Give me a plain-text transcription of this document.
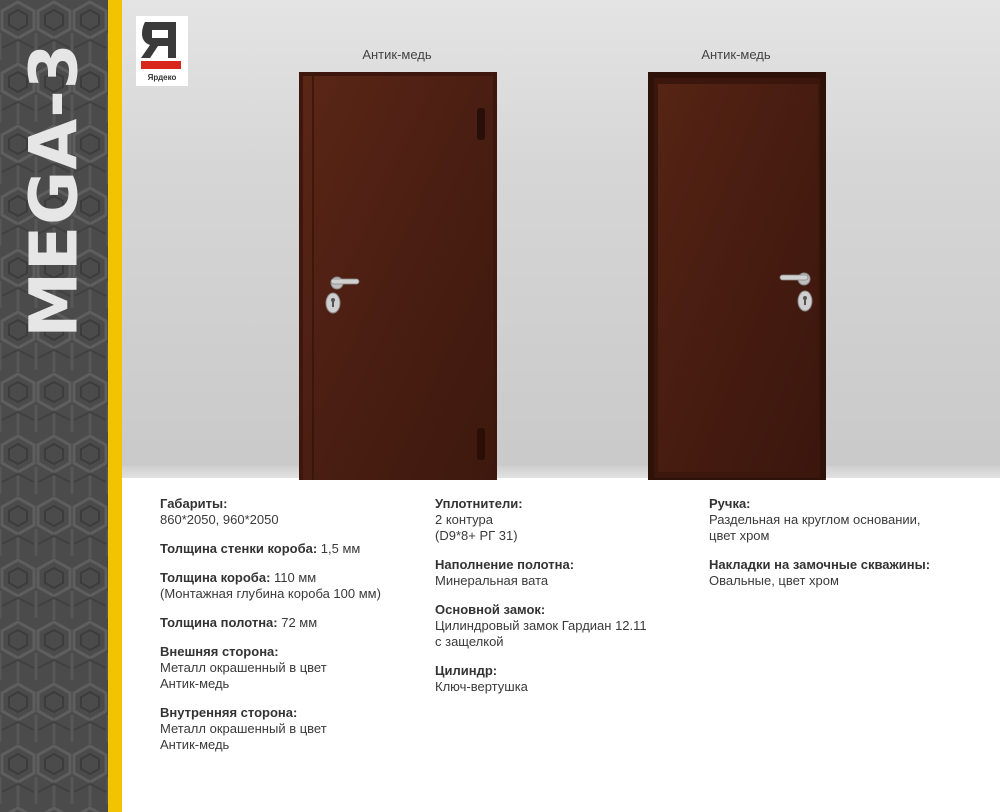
MEGA-3	Ярдеко
Антик-медь	Антик-медь
Габариты:
860*2050, 960*2050
Толщина стенки короба: 1,5 мм
Толщина короба: 110 мм
(Монтажная глубина короба 100 мм)
Толщина полотна: 72 мм
Внешняя сторона:
Металл окрашенный в цвет
Антик-медь
Внутренняя сторона:
Металл окрашенный в цвет
Антик-медь
Уплотнители:
2 контура
(D9*8+ РГ 31)
Наполнение полотна:
Минеральная вата
Основной замок:
Цилиндровый замок Гардиан 12.11
с защелкой
Цилиндр:
Ключ-вертушка
Ручка:
Раздельная на круглом основании,
цвет хром
Накладки на замочные скважины:
Овальные, цвет хром
